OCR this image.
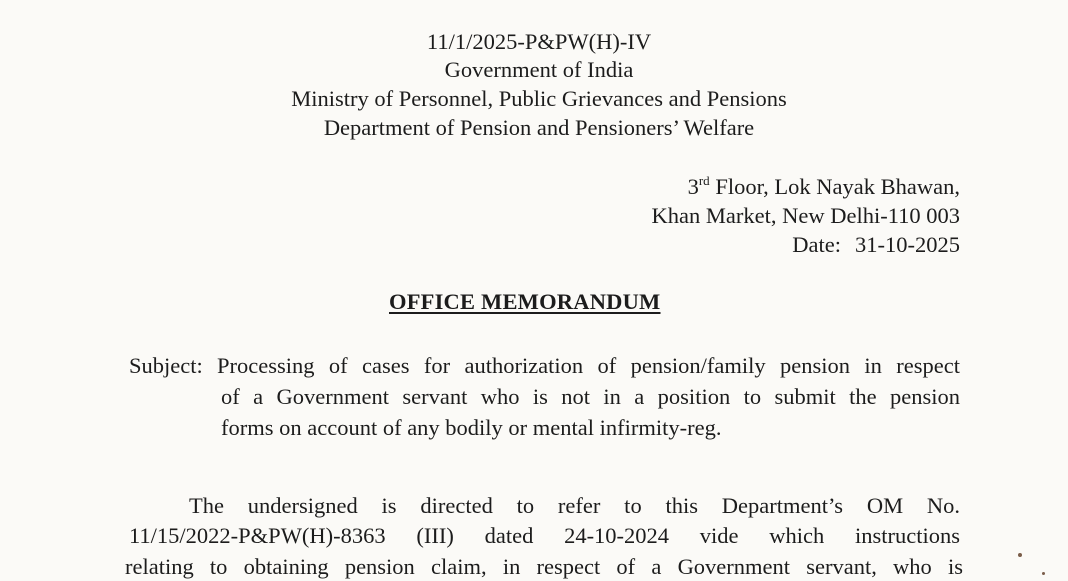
11/1/2025-P&PW(H)-IV

Government of India

Ministry of Personnel, Public Grievances and Pensions

Department of Pension and Pensioners’ Welfare

3rd Floor, Lok Nayak Bhawan,
Khan Market, New Delhi-110 003
Date: 31-10-2025
OFFICE MEMORANDUM
Subject: Processing of cases for authorization of pension/family pension in respect
of a Government servant who is not in a position to submit the pension
forms on account of any bodily or mental infirmity-reg.
The undersigned is directed to refer to this Department’s OM No.
11/15/2022-P&PW(H)-8363 (III) dated 24-10-2024 vide which instructions
relating to obtaining pension claim, in respect of a Government servant, who is
